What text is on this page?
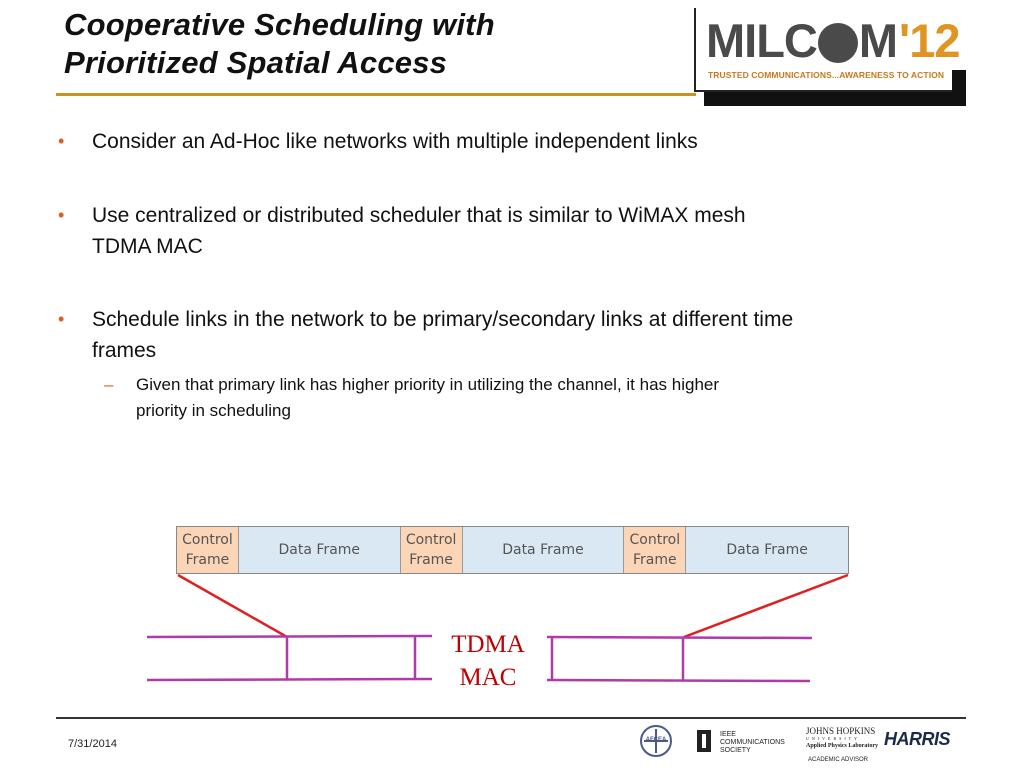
Cooperative Scheduling with
Prioritized Spatial Access	MILC M '12
TRUSTED COMMUNICATIONS...AWARENESS TO ACTION
• Consider an Ad-Hoc like networks with multiple independent links
• Use centralized or distributed scheduler that is similar to WiMAX mesh
TDMA MAC
• Schedule links in the network to be primary/secondary links at different time
frames
– Given that primary link has higher priority in utilizing the channel, it has higher
priority in scheduling
Control
Frame
Data Frame
Control
Frame
Data Frame
Control
Frame
Data Frame
TDMA
MAC
7/31/2014	AFCEA
IEEE
COMMUNICATIONS
SOCIETY
JOHNS HOPKINS
UNIVERSITY
Applied Physics Laboratory
ACADEMIC ADVISOR
HARRIS
